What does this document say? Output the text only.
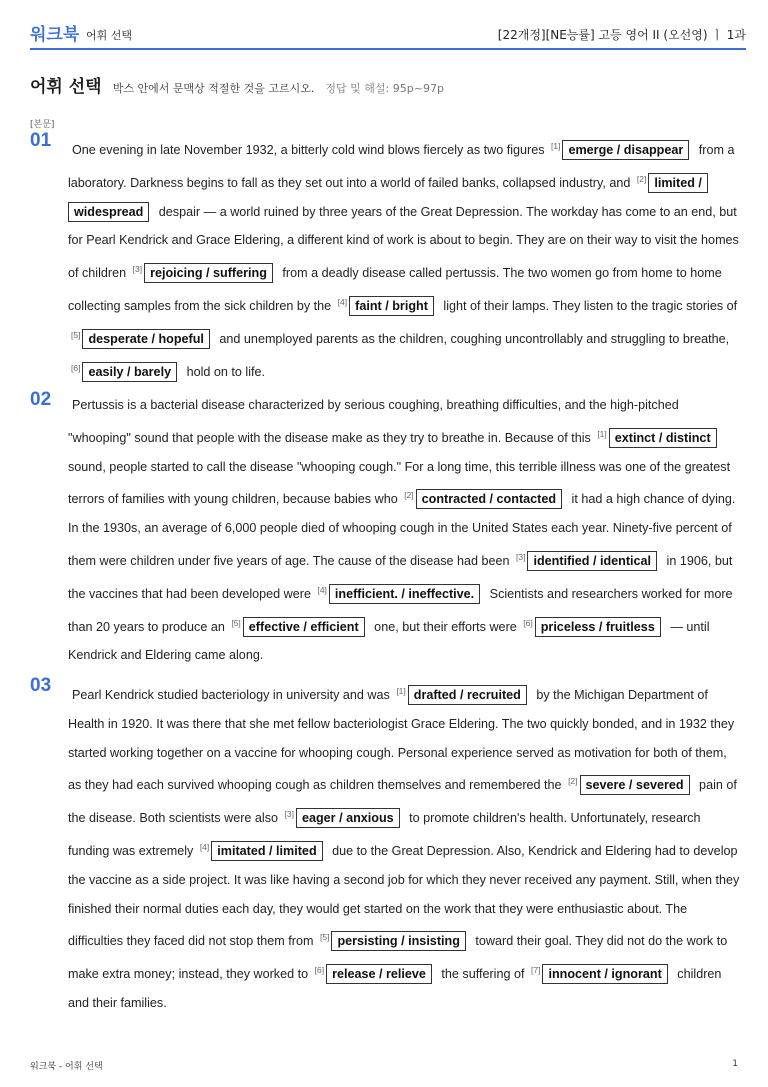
워크북 어휘 선택	[22개정][NE능률] 고등 영어 II (오선영) ㅣ 1과
어휘 선택 박스 안에서 문맥상 적절한 것을 고르시오. 정답 및 해설: 95p~97p
[본문]
01	One evening in late November 1932, a bitterly cold wind blows fiercely as two figures [1] emerge / disappear from a laboratory. Darkness begins to fall as they set out into a world of failed banks, collapsed industry, and [2] limited / widespread despair — a world ruined by three years of the Great Depression. The workday has come to an end, but for Pearl Kendrick and Grace Eldering, a different kind of work is about to begin. They are on their way to visit the homes of children [3] rejoicing / suffering from a deadly disease called pertussis. The two women go from home to home collecting samples from the sick children by the [4] faint / bright light of their lamps. They listen to the tragic stories of [5] desperate / hopeful and unemployed parents as the children, coughing uncontrollably and struggling to breathe, [6] easily / barely hold on to life.
02	Pertussis is a bacterial disease characterized by serious coughing, breathing difficulties, and the high-pitched "whooping" sound that people with the disease make as they try to breathe in. Because of this [1] extinct / distinct sound, people started to call the disease "whooping cough." For a long time, this terrible illness was one of the greatest terrors of families with young children, because babies who [2] contracted / contacted it had a high chance of dying. In the 1930s, an average of 6,000 people died of whooping cough in the United States each year. Ninety-five percent of them were children under five years of age. The cause of the disease had been [3] identified / identical in 1906, but the vaccines that had been developed were [4] inefficient. / ineffective. Scientists and researchers worked for more than 20 years to produce an [5] effective / efficient one, but their efforts were [6] priceless / fruitless — until Kendrick and Eldering came along.
03	Pearl Kendrick studied bacteriology in university and was [1] drafted / recruited by the Michigan Department of Health in 1920. It was there that she met fellow bacteriologist Grace Eldering. The two quickly bonded, and in 1932 they started working together on a vaccine for whooping cough. Personal experience served as motivation for both of them, as they had each survived whooping cough as children themselves and remembered the [2] severe / severed pain of the disease. Both scientists were also [3] eager / anxious to promote children's health. Unfortunately, research funding was extremely [4] imitated / limited due to the Great Depression. Also, Kendrick and Eldering had to develop the vaccine as a side project. It was like having a second job for which they never received any payment. Still, when they finished their normal duties each day, they would get started on the work that they were enthusiastic about. The difficulties they faced did not stop them from [5] persisting / insisting toward their goal. They did not do the work to make extra money; instead, they worked to [6] release / relieve the suffering of [7] innocent / ignorant children and their families.
워크북 - 어휘 선택	1
